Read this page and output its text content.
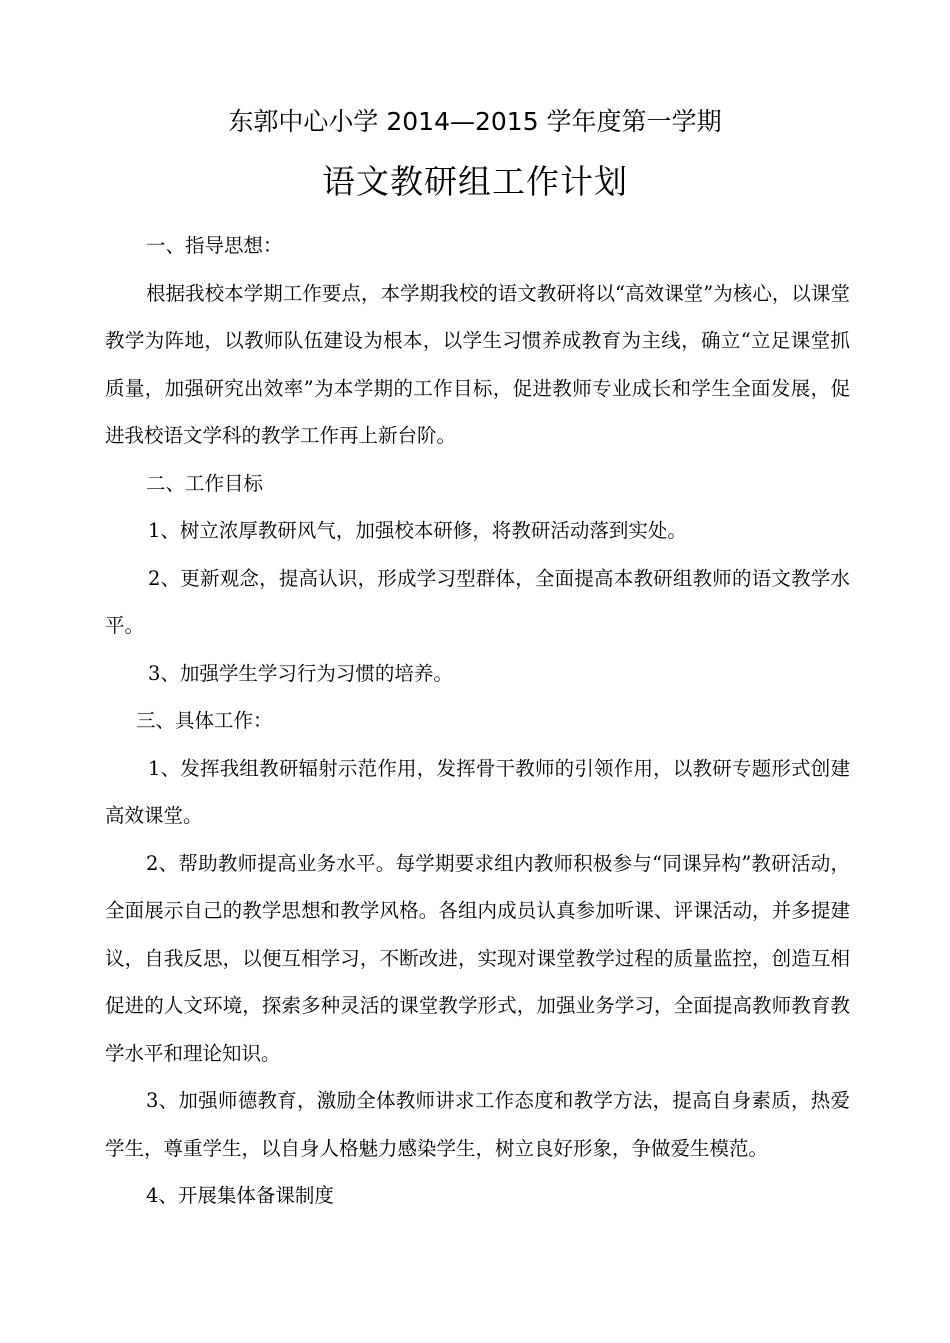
东郭中心小学 2014—2015 学年度第一学期
语文教研组工作计划

一、指导思想：

根据我校本学期工作要点，本学期我校的语文教研将以“高效课堂”为核心，以课堂教学为阵地，以教师队伍建设为根本，以学生习惯养成教育为主线，确立“立足课堂抓质量，加强研究出效率”为本学期的工作目标，促进教师专业成长和学生全面发展，促进我校语文学科的教学工作再上新台阶。

二、工作目标

1、树立浓厚教研风气，加强校本研修，将教研活动落到实处。

2、更新观念，提高认识，形成学习型群体，全面提高本教研组教师的语文教学水平。

3、加强学生学习行为习惯的培养。

三、具体工作：

1、发挥我组教研辐射示范作用，发挥骨干教师的引领作用，以教研专题形式创建高效课堂。

2、帮助教师提高业务水平。每学期要求组内教师积极参与“同课异构”教研活动，全面展示自己的教学思想和教学风格。各组内成员认真参加听课、评课活动，并多提建议，自我反思，以便互相学习，不断改进，实现对课堂教学过程的质量监控，创造互相促进的人文环境，探索多种灵活的课堂教学形式，加强业务学习，全面提高教师教育教学水平和理论知识。

3、加强师德教育，激励全体教师讲求工作态度和教学方法，提高自身素质，热爱学生，尊重学生，以自身人格魅力感染学生，树立良好形象，争做爱生模范。

4、开展集体备课制度
